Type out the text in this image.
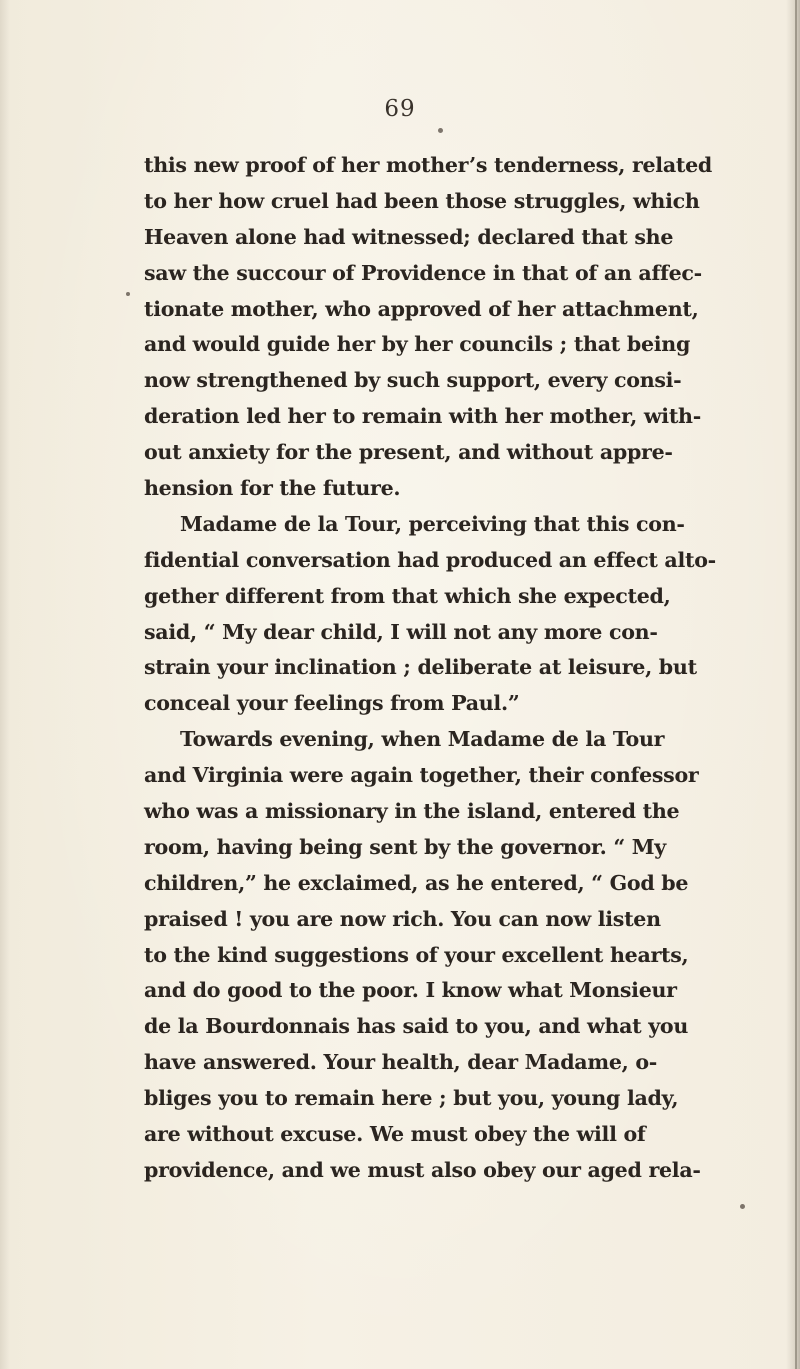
69
this new proof of her mother’s tenderness, related
to her how cruel had been those struggles, which
Heaven alone had witnessed; declared that she
saw the succour of Providence in that of an affec-
tionate mother, who approved of her attachment,
and would guide her by her councils ; that being
now strengthened by such support, every consi-
deration led her to remain with her mother, with-
out anxiety for the present, and without appre-
hension for the future.
Madame de la Tour, perceiving that this con-
fidential conversation had produced an effect alto-
gether different from that which she expected,
said, “ My dear child, I will not any more con-
strain your inclination ; deliberate at leisure, but
conceal your feelings from Paul.”
Towards evening, when Madame de la Tour
and Virginia were again together, their confessor
who was a missionary in the island, entered the
room, having being sent by the governor. “ My
children,” he exclaimed, as he entered, “ God be
praised ! you are now rich. You can now listen
to the kind suggestions of your excellent hearts,
and do good to the poor. I know what Monsieur
de la Bourdonnais has said to you, and what you
have answered. Your health, dear Madame, o-
bliges you to remain here ; but you, young lady,
are without excuse. We must obey the will of
providence, and we must also obey our aged rela-
